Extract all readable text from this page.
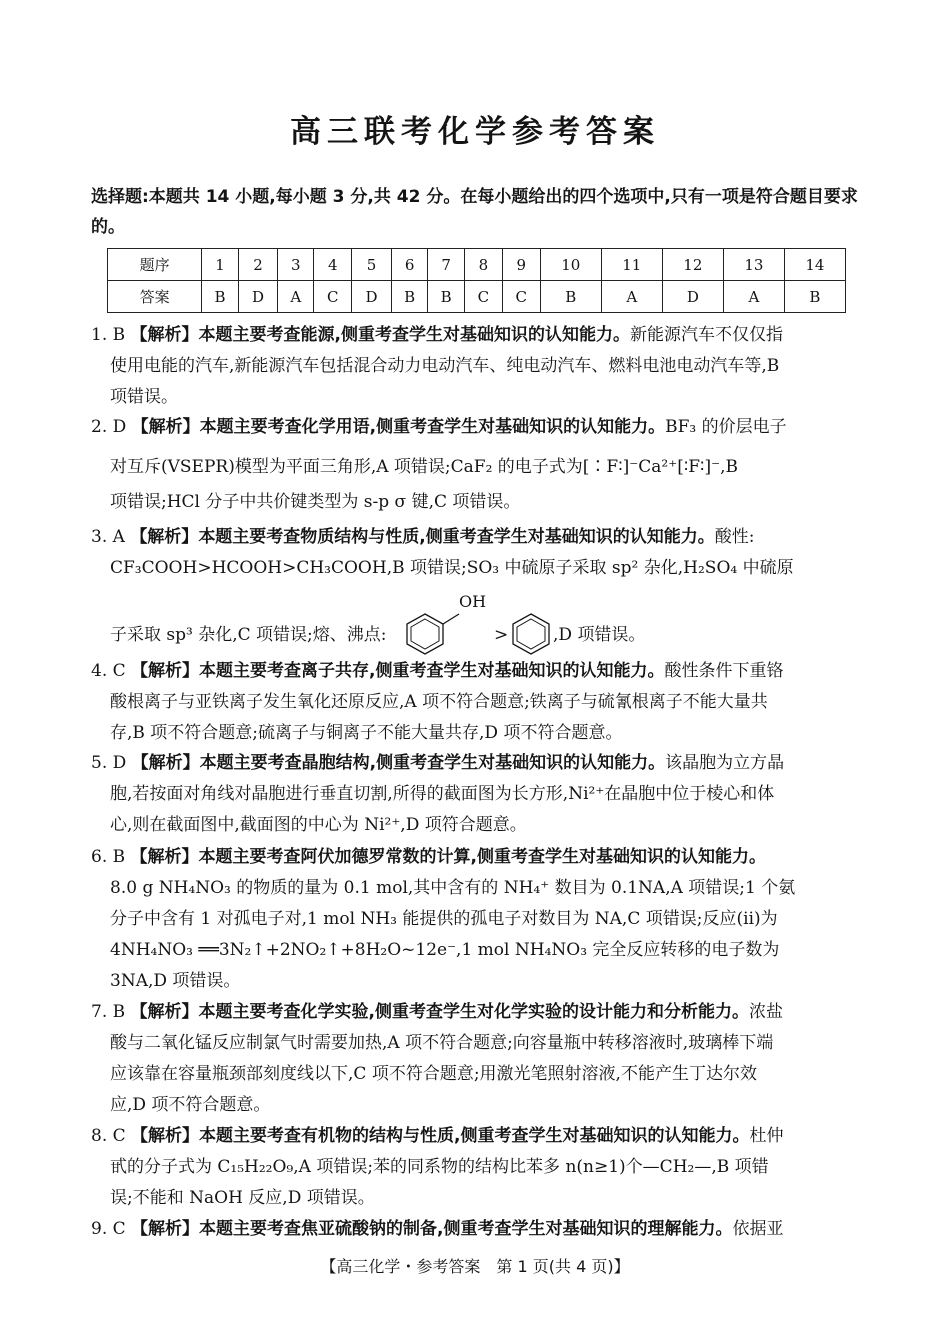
高三联考化学参考答案
选择题:本题共 14 小题,每小题 3 分,共 42 分。在每小题给出的四个选项中,只有一项是符合题目要求的。
题序	1	2	3	4	5	6	7	8	9	10	11	12	13	14
答案	B	D	A	C	D	B	B	C	C	B	A	D	A	B
1. B 【解析】本题主要考查能源,侧重考查学生对基础知识的认知能力。新能源汽车不仅仅指
使用电能的汽车,新能源汽车包括混合动力电动汽车、纯电动汽车、燃料电池电动汽车等,B
项错误。
2. D 【解析】本题主要考查化学用语,侧重考查学生对基础知识的认知能力。BF₃ 的价层电子
对互斥(VSEPR)模型为平面三角形,A 项错误;CaF₂ 的电子式为[∶F∶]⁻Ca²⁺[∶F∶]⁻,B
项错误;HCl 分子中共价键类型为 s-p σ 键,C 项错误。
3. A 【解析】本题主要考查物质结构与性质,侧重考查学生对基础知识的认知能力。酸性:
CF₃COOH>HCOOH>CH₃COOH,B 项错误;SO₃ 中硫原子采取 sp² 杂化,H₂SO₄ 中硫原
OH
子采取 sp³ 杂化,C 项错误;熔、沸点:	>	,D 项错误。
4. C 【解析】本题主要考查离子共存,侧重考查学生对基础知识的认知能力。酸性条件下重铬
酸根离子与亚铁离子发生氧化还原反应,A 项不符合题意;铁离子与硫氰根离子不能大量共
存,B 项不符合题意;硫离子与铜离子不能大量共存,D 项不符合题意。
5. D 【解析】本题主要考查晶胞结构,侧重考查学生对基础知识的认知能力。该晶胞为立方晶
胞,若按面对角线对晶胞进行垂直切割,所得的截面图为长方形,Ni²⁺在晶胞中位于棱心和体
心,则在截面图中,截面图的中心为 Ni²⁺,D 项符合题意。
6. B 【解析】本题主要考查阿伏加德罗常数的计算,侧重考查学生对基础知识的认知能力。
8.0 g NH₄NO₃ 的物质的量为 0.1 mol,其中含有的 NH₄⁺ 数目为 0.1NA,A 项错误;1 个氨
分子中含有 1 对孤电子对,1 mol NH₃ 能提供的孤电子对数目为 NA,C 项错误;反应(ⅱ)为
4NH₄NO₃ ══3N₂↑+2NO₂↑+8H₂O~12e⁻,1 mol NH₄NO₃ 完全反应转移的电子数为
3NA,D 项错误。
7. B 【解析】本题主要考查化学实验,侧重考查学生对化学实验的设计能力和分析能力。浓盐
酸与二氧化锰反应制氯气时需要加热,A 项不符合题意;向容量瓶中转移溶液时,玻璃棒下端
应该靠在容量瓶颈部刻度线以下,C 项不符合题意;用激光笔照射溶液,不能产生丁达尔效
应,D 项不符合题意。
8. C 【解析】本题主要考查有机物的结构与性质,侧重考查学生对基础知识的认知能力。杜仲
甙的分子式为 C₁₅H₂₂O₉,A 项错误;苯的同系物的结构比苯多 n(n≥1)个—CH₂—,B 项错
误;不能和 NaOH 反应,D 项错误。
9. C 【解析】本题主要考查焦亚硫酸钠的制备,侧重考查学生对基础知识的理解能力。依据亚
【高三化学・参考答案　第 1 页(共 4 页)】
